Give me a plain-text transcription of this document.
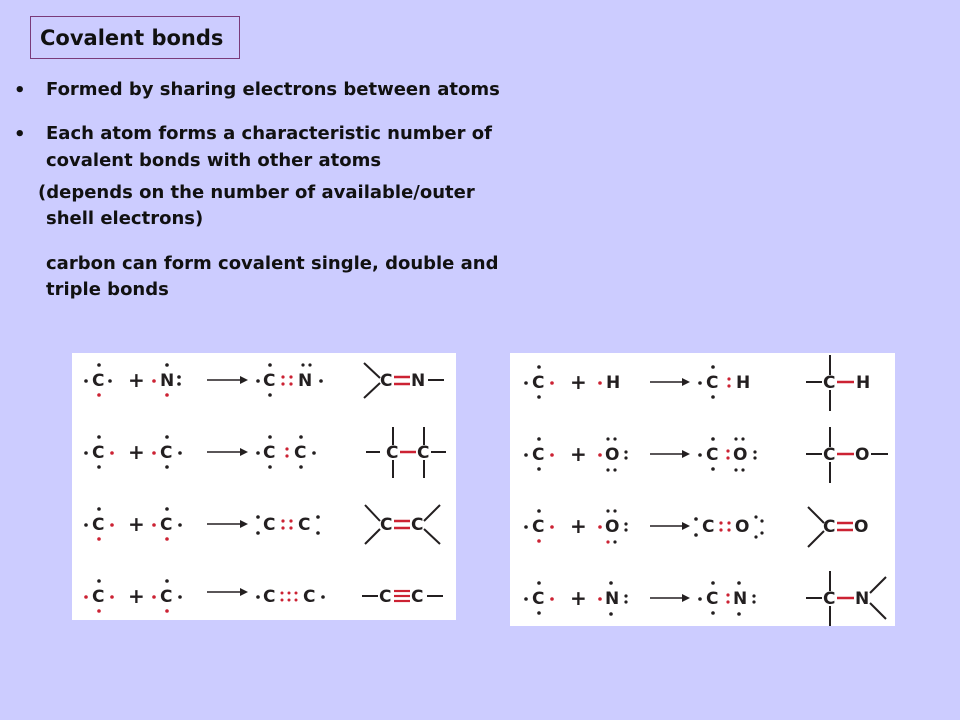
Covalent bonds
• Formed by sharing electrons between atoms
• Each atom forms a characteristic number of
covalent bonds with other atoms
(depends on the number of available/outer
shell electrons)
carbon can form covalent single, double and
triple bonds
C + N	C N	C N
C + C	C C	C C
C + C	C C	C C
C + C	C C	C C
C + H	C H	C H
C + O	C O	C O
C + O	C O	C O
C + N	C N	C N
